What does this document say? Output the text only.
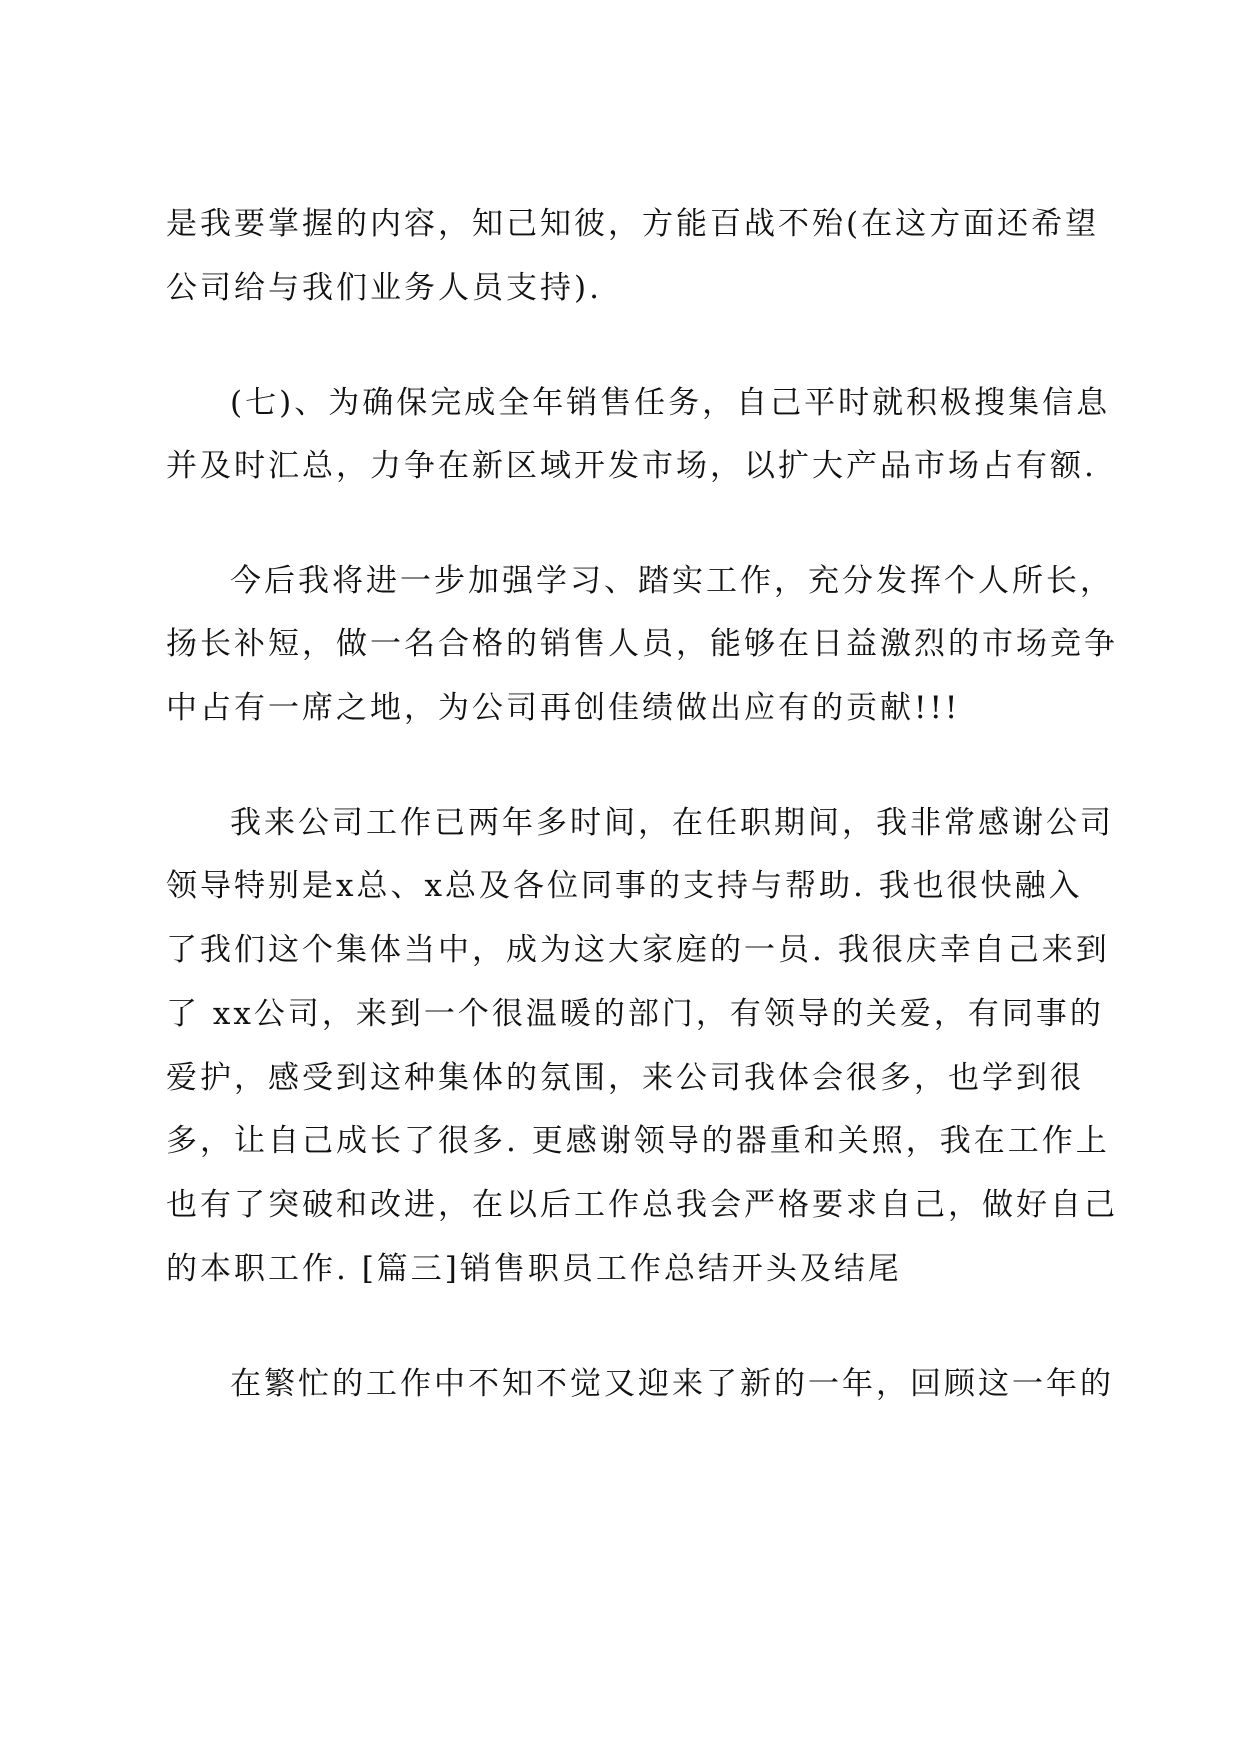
是我要掌握的内容，知己知彼，方能百战不殆(在这方面还希望
公司给与我们业务人员支持).
(七)、为确保完成全年销售任务，自己平时就积极搜集信息
并及时汇总，力争在新区域开发市场，以扩大产品市场占有额.
今后我将进一步加强学习、踏实工作，充分发挥个人所长，
扬长补短，做一名合格的销售人员，能够在日益激烈的市场竞争
中占有一席之地，为公司再创佳绩做出应有的贡献!!!
我来公司工作已两年多时间，在任职期间，我非常感谢公司
领导特别是x总、x总及各位同事的支持与帮助. 我也很快融入
了我们这个集体当中，成为这大家庭的一员. 我很庆幸自己来到
了 xx公司，来到一个很温暖的部门，有领导的关爱，有同事的
爱护，感受到这种集体的氛围，来公司我体会很多，也学到很
多，让自己成长了很多. 更感谢领导的器重和关照，我在工作上
也有了突破和改进，在以后工作总我会严格要求自己，做好自己
的本职工作. [篇三]销售职员工作总结开头及结尾
在繁忙的工作中不知不觉又迎来了新的一年，回顾这一年的
